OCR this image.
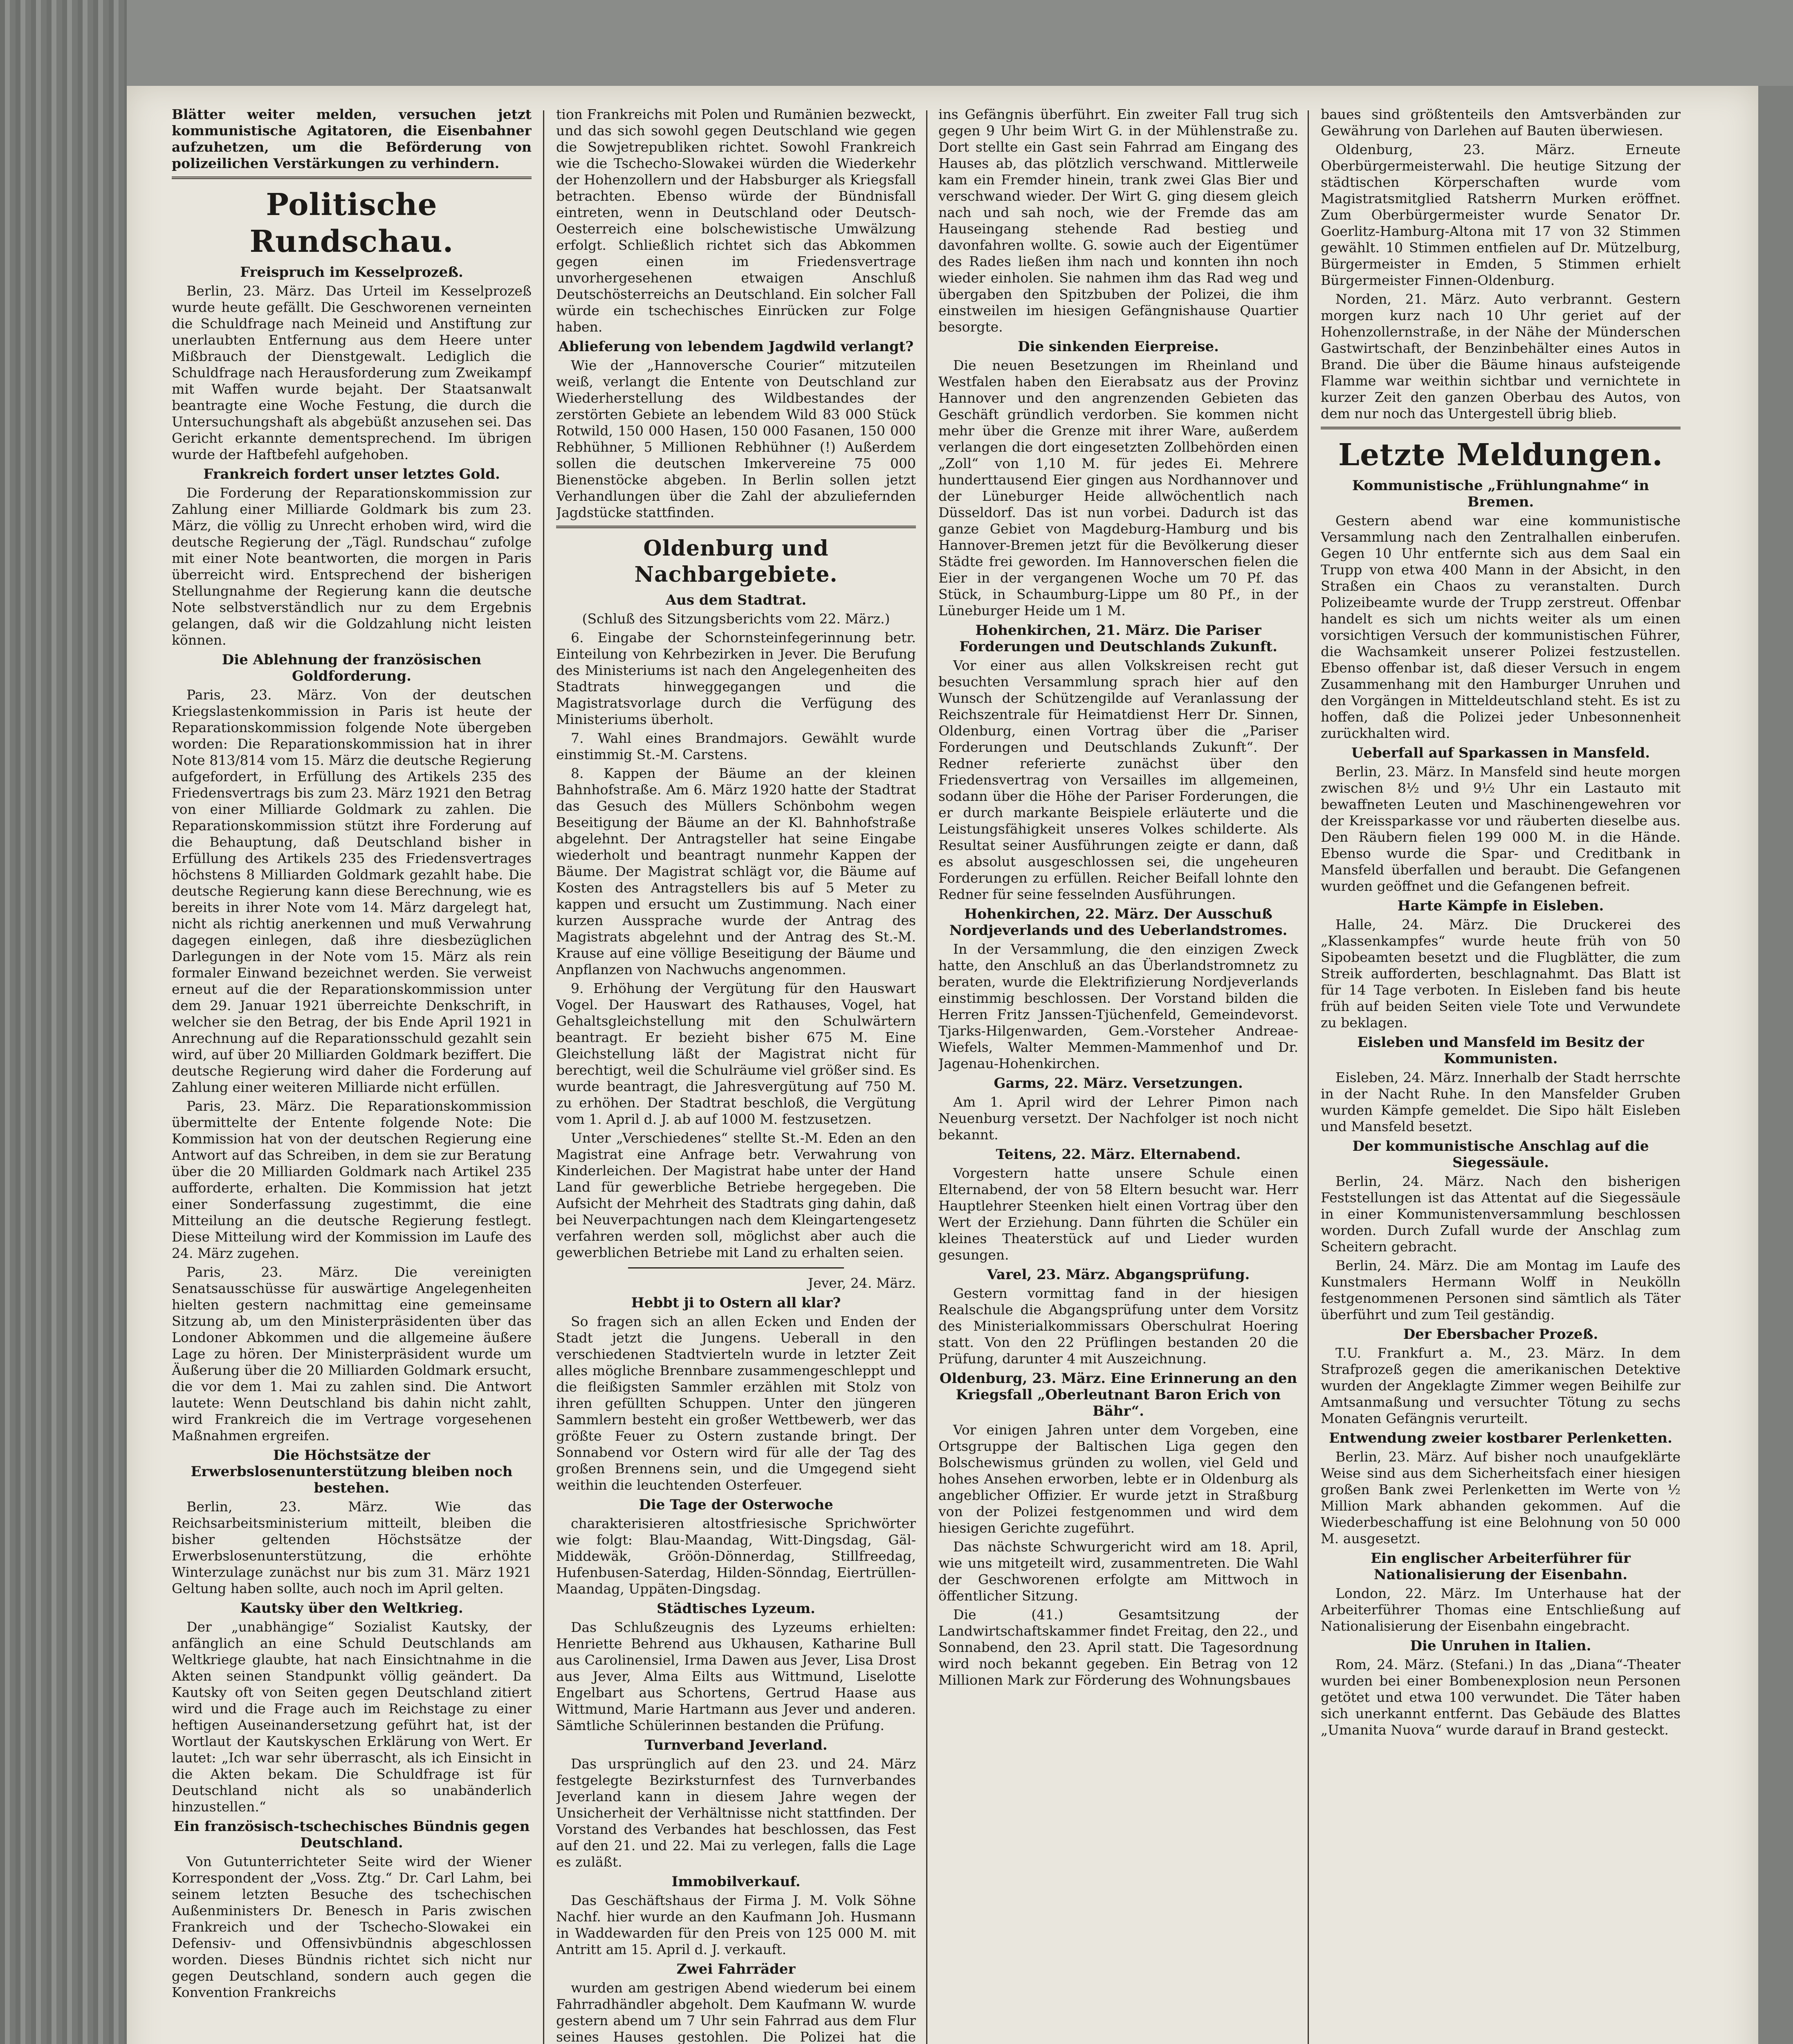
Blätter weiter melden, versuchen jetzt kommunistische Agitatoren, die Eisenbahner aufzuhetzen, um die Beförderung von polizeilichen Verstärkungen zu verhindern.

Politische Rundschau.
Freispruch im Kesselprozeß.

Berlin, 23. März. Das Urteil im Kesselprozeß wurde heute gefällt. Die Geschworenen verneinten die Schuldfrage nach Meineid und Anstiftung zur unerlaubten Entfernung aus dem Heere unter Mißbrauch der Dienstgewalt. Lediglich die Schuldfrage nach Herausforderung zum Zweikampf mit Waffen wurde bejaht. Der Staatsanwalt beantragte eine Woche Festung, die durch die Untersuchungshaft als abgebüßt anzusehen sei. Das Gericht erkannte dementsprechend. Im übrigen wurde der Haftbefehl aufgehoben.

Frankreich fordert unser letztes Gold.

Die Forderung der Reparationskommission zur Zahlung einer Milliarde Goldmark bis zum 23. März, die völlig zu Unrecht erhoben wird, wird die deutsche Regierung der „Tägl. Rundschau“ zufolge mit einer Note beantworten, die morgen in Paris überreicht wird. Entsprechend der bisherigen Stellungnahme der Regierung kann die deutsche Note selbstverständlich nur zu dem Ergebnis gelangen, daß wir die Goldzahlung nicht leisten können.

Die Ablehnung der französischen Goldforderung.

Paris, 23. März. Von der deutschen Kriegslastenkommission in Paris ist heute der Reparationskommission folgende Note übergeben worden: Die Reparationskommission hat in ihrer Note 813/814 vom 15. März die deutsche Regierung aufgefordert, in Erfüllung des Artikels 235 des Friedensvertrags bis zum 23. März 1921 den Betrag von einer Milliarde Goldmark zu zahlen. Die Reparationskommission stützt ihre Forderung auf die Behauptung, daß Deutschland bisher in Erfüllung des Artikels 235 des Friedensvertrages höchstens 8 Milliarden Goldmark gezahlt habe. Die deutsche Regierung kann diese Berechnung, wie es bereits in ihrer Note vom 14. März dargelegt hat, nicht als richtig anerkennen und muß Verwahrung dagegen einlegen, daß ihre diesbezüglichen Darlegungen in der Note vom 15. März als rein formaler Einwand bezeichnet werden. Sie verweist erneut auf die der Reparationskommission unter dem 29. Januar 1921 überreichte Denkschrift, in welcher sie den Betrag, der bis Ende April 1921 in Anrechnung auf die Reparationsschuld gezahlt sein wird, auf über 20 Milliarden Goldmark beziffert. Die deutsche Regierung wird daher die Forderung auf Zahlung einer weiteren Milliarde nicht erfüllen.

Paris, 23. März. Die Reparationskommission übermittelte der Entente folgende Note: Die Kommission hat von der deutschen Regierung eine Antwort auf das Schreiben, in dem sie zur Beratung über die 20 Milliarden Goldmark nach Artikel 235 aufforderte, erhalten. Die Kommission hat jetzt einer Sonderfassung zugestimmt, die eine Mitteilung an die deutsche Regierung festlegt. Diese Mitteilung wird der Kommission im Laufe des 24. März zugehen.

Paris, 23. März. Die vereinigten Senatsausschüsse für auswärtige Angelegenheiten hielten gestern nachmittag eine gemeinsame Sitzung ab, um den Ministerpräsidenten über das Londoner Abkommen und die allgemeine äußere Lage zu hören. Der Ministerpräsident wurde um Äußerung über die 20 Milliarden Goldmark ersucht, die vor dem 1. Mai zu zahlen sind. Die Antwort lautete: Wenn Deutschland bis dahin nicht zahlt, wird Frankreich die im Vertrage vorgesehenen Maßnahmen ergreifen.

Die Höchstsätze der Erwerbslosenunterstützung bleiben noch bestehen.

Berlin, 23. März. Wie das Reichsarbeitsministerium mitteilt, bleiben die bisher geltenden Höchstsätze der Erwerbslosenunterstützung, die erhöhte Winterzulage zunächst nur bis zum 31. März 1921 Geltung haben sollte, auch noch im April gelten.

Kautsky über den Weltkrieg.

Der „unabhängige“ Sozialist Kautsky, der anfänglich an eine Schuld Deutschlands am Weltkriege glaubte, hat nach Einsichtnahme in die Akten seinen Standpunkt völlig geändert. Da Kautsky oft von Seiten gegen Deutschland zitiert wird und die Frage auch im Reichstage zu einer heftigen Auseinandersetzung geführt hat, ist der Wortlaut der Kautskyschen Erklärung von Wert. Er lautet: „Ich war sehr überrascht, als ich Einsicht in die Akten bekam. Die Schuldfrage ist für Deutschland nicht als so unabänderlich hinzustellen.“

Ein französisch-tschechisches Bündnis gegen Deutschland.

Von Gutunterrichteter Seite wird der Wiener Korrespondent der „Voss. Ztg.“ Dr. Carl Lahm, bei seinem letzten Besuche des tschechischen Außenministers Dr. Benesch in Paris zwischen Frankreich und der Tschecho-Slowakei ein Defensiv- und Offensivbündnis abgeschlossen worden. Dieses Bündnis richtet sich nicht nur gegen Deutschland, sondern auch gegen die Konvention Frankreichs

tion Frankreichs mit Polen und Rumänien bezweckt, und das sich sowohl gegen Deutschland wie gegen die Sowjetrepubliken richtet. Sowohl Frankreich wie die Tschecho-Slowakei würden die Wiederkehr der Hohenzollern und der Habsburger als Kriegsfall betrachten. Ebenso würde der Bündnisfall eintreten, wenn in Deutschland oder Deutsch-Oesterreich eine bolschewistische Umwälzung erfolgt. Schließlich richtet sich das Abkommen gegen einen im Friedensvertrage unvorhergesehenen etwaigen Anschluß Deutschösterreichs an Deutschland. Ein solcher Fall würde ein tschechisches Einrücken zur Folge haben.

Ablieferung von lebendem Jagdwild verlangt?

Wie der „Hannoversche Courier“ mitzuteilen weiß, verlangt die Entente von Deutschland zur Wiederherstellung des Wildbestandes der zerstörten Gebiete an lebendem Wild 83 000 Stück Rotwild, 150 000 Hasen, 150 000 Fasanen, 150 000 Rebhühner, 5 Millionen Rebhühner (!) Außerdem sollen die deutschen Imkervereine 75 000 Bienenstöcke abgeben. In Berlin sollen jetzt Verhandlungen über die Zahl der abzuliefernden Jagdstücke stattfinden.

Oldenburg und Nachbargebiete.
Aus dem Stadtrat.

(Schluß des Sitzungsberichts vom 22. März.)

6. Eingabe der Schornsteinfegerinnung betr. Einteilung von Kehrbezirken in Jever. Die Berufung des Ministeriums ist nach den Angelegenheiten des Stadtrats hinweggegangen und die Magistratsvorlage durch die Verfügung des Ministeriums überholt.

7. Wahl eines Brandmajors. Gewählt wurde einstimmig St.-M. Carstens.

8. Kappen der Bäume an der kleinen Bahnhofstraße. Am 6. März 1920 hatte der Stadtrat das Gesuch des Müllers Schönbohm wegen Beseitigung der Bäume an der Kl. Bahnhofstraße abgelehnt. Der Antragsteller hat seine Eingabe wiederholt und beantragt nunmehr Kappen der Bäume. Der Magistrat schlägt vor, die Bäume auf Kosten des Antragstellers bis auf 5 Meter zu kappen und ersucht um Zustimmung. Nach einer kurzen Aussprache wurde der Antrag des Magistrats abgelehnt und der Antrag des St.-M. Krause auf eine völlige Beseitigung der Bäume und Anpflanzen von Nachwuchs angenommen.

9. Erhöhung der Vergütung für den Hauswart Vogel. Der Hauswart des Rathauses, Vogel, hat Gehaltsgleichstellung mit den Schulwärtern beantragt. Er bezieht bisher 675 M. Eine Gleichstellung läßt der Magistrat nicht für berechtigt, weil die Schulräume viel größer sind. Es wurde beantragt, die Jahresvergütung auf 750 M. zu erhöhen. Der Stadtrat beschloß, die Vergütung vom 1. April d. J. ab auf 1000 M. festzusetzen.

Unter „Verschiedenes“ stellte St.-M. Eden an den Magistrat eine Anfrage betr. Verwahrung von Kinderleichen. Der Magistrat habe unter der Hand Land für gewerbliche Betriebe hergegeben. Die Aufsicht der Mehrheit des Stadtrats ging dahin, daß bei Neuverpachtungen nach dem Kleingartengesetz verfahren werden soll, möglichst aber auch die gewerblichen Betriebe mit Land zu erhalten seien.

Jever, 24. März.

Hebbt ji to Ostern all klar?

So fragen sich an allen Ecken und Enden der Stadt jetzt die Jungens. Ueberall in den verschiedenen Stadtvierteln wurde in letzter Zeit alles mögliche Brennbare zusammengeschleppt und die fleißigsten Sammler erzählen mit Stolz von ihren gefüllten Schuppen. Unter den jüngeren Sammlern besteht ein großer Wettbewerb, wer das größte Feuer zu Ostern zustande bringt. Der Sonnabend vor Ostern wird für alle der Tag des großen Brennens sein, und die Umgegend sieht weithin die leuchtenden Osterfeuer.

Die Tage der Osterwoche

charakterisieren altostfriesische Sprichwörter wie folgt: Blau-Maandag, Witt-Dingsdag, Gäl-Middewäk, Gröön-Dönnerdag, Stillfreedag, Hufenbusen-Saterdag, Hilden-Sönndag, Eiertrüllen-Maandag, Uppäten-Dingsdag.

Städtisches Lyzeum.

Das Schlußzeugnis des Lyzeums erhielten: Henriette Behrend aus Ukhausen, Katharine Bull aus Carolinensiel, Irma Dawen aus Jever, Lisa Drost aus Jever, Alma Eilts aus Wittmund, Liselotte Engelbart aus Schortens, Gertrud Haase aus Wittmund, Marie Hartmann aus Jever und anderen. Sämtliche Schülerinnen bestanden die Prüfung.

Turnverband Jeverland.

Das ursprünglich auf den 23. und 24. März festgelegte Bezirksturnfest des Turnverbandes Jeverland kann in diesem Jahre wegen der Unsicherheit der Verhältnisse nicht stattfinden. Der Vorstand des Verbandes hat beschlossen, das Fest auf den 21. und 22. Mai zu verlegen, falls die Lage es zuläßt.

Immobilverkauf.

Das Geschäftshaus der Firma J. M. Volk Söhne Nachf. hier wurde an den Kaufmann Joh. Husmann in Waddewarden für den Preis von 125 000 M. mit Antritt am 15. April d. J. verkauft.

Zwei Fahrräder

wurden am gestrigen Abend wiederum bei einem Fahrradhändler abgeholt. Dem Kaufmann W. wurde gestern abend um 7 Uhr sein Fahrrad aus dem Flur seines Hauses gestohlen. Die Polizei hat die

ins Gefängnis überführt. Ein zweiter Fall trug sich gegen 9 Uhr beim Wirt G. in der Mühlenstraße zu. Dort stellte ein Gast sein Fahrrad am Eingang des Hauses ab, das plötzlich verschwand. Mittlerweile kam ein Fremder hinein, trank zwei Glas Bier und verschwand wieder. Der Wirt G. ging diesem gleich nach und sah noch, wie der Fremde das am Hauseingang stehende Rad bestieg und davonfahren wollte. G. sowie auch der Eigentümer des Rades ließen ihm nach und konnten ihn noch wieder einholen. Sie nahmen ihm das Rad weg und übergaben den Spitzbuben der Polizei, die ihm einstweilen im hiesigen Gefängnishause Quartier besorgte.

Die sinkenden Eierpreise.

Die neuen Besetzungen im Rheinland und Westfalen haben den Eierabsatz aus der Provinz Hannover und den angrenzenden Gebieten das Geschäft gründlich verdorben. Sie kommen nicht mehr über die Grenze mit ihrer Ware, außerdem verlangen die dort eingesetzten Zollbehörden einen „Zoll“ von 1,10 M. für jedes Ei. Mehrere hunderttausend Eier gingen aus Nordhannover und der Lüneburger Heide allwöchentlich nach Düsseldorf. Das ist nun vorbei. Dadurch ist das ganze Gebiet von Magdeburg-Hamburg und bis Hannover-Bremen jetzt für die Bevölkerung dieser Städte frei geworden. Im Hannoverschen fielen die Eier in der vergangenen Woche um 70 Pf. das Stück, in Schaumburg-Lippe um 80 Pf., in der Lüneburger Heide um 1 M.

Hohenkirchen, 21. März. Die Pariser Forderungen und Deutschlands Zukunft.

Vor einer aus allen Volkskreisen recht gut besuchten Versammlung sprach hier auf den Wunsch der Schützengilde auf Veranlassung der Reichszentrale für Heimatdienst Herr Dr. Sinnen, Oldenburg, einen Vortrag über die „Pariser Forderungen und Deutschlands Zukunft“. Der Redner referierte zunächst über den Friedensvertrag von Versailles im allgemeinen, sodann über die Höhe der Pariser Forderungen, die er durch markante Beispiele erläuterte und die Leistungsfähigkeit unseres Volkes schilderte. Als Resultat seiner Ausführungen zeigte er dann, daß es absolut ausgeschlossen sei, die ungeheuren Forderungen zu erfüllen. Reicher Beifall lohnte den Redner für seine fesselnden Ausführungen.

Hohenkirchen, 22. März. Der Ausschuß Nordjeverlands und des Ueberlandstromes.

In der Versammlung, die den einzigen Zweck hatte, den Anschluß an das Überlandstromnetz zu beraten, wurde die Elektrifizierung Nordjeverlands einstimmig beschlossen. Der Vorstand bilden die Herren Fritz Janssen-Tjüchenfeld, Gemeindevorst. Tjarks-Hilgenwarden, Gem.-Vorsteher Andreae-Wiefels, Walter Memmen-Mammenhof und Dr. Jagenau-Hohenkirchen.

Garms, 22. März. Versetzungen.

Am 1. April wird der Lehrer Pimon nach Neuenburg versetzt. Der Nachfolger ist noch nicht bekannt.

Teitens, 22. März. Elternabend.

Vorgestern hatte unsere Schule einen Elternabend, der von 58 Eltern besucht war. Herr Hauptlehrer Steenken hielt einen Vortrag über den Wert der Erziehung. Dann führten die Schüler ein kleines Theaterstück auf und Lieder wurden gesungen.

Varel, 23. März. Abgangsprüfung.

Gestern vormittag fand in der hiesigen Realschule die Abgangsprüfung unter dem Vorsitz des Ministerialkommissars Oberschulrat Hoering statt. Von den 22 Prüflingen bestanden 20 die Prüfung, darunter 4 mit Auszeichnung.

Oldenburg, 23. März. Eine Erinnerung an den Kriegsfall „Oberleutnant Baron Erich von Bähr“.

Vor einigen Jahren unter dem Vorgeben, eine Ortsgruppe der Baltischen Liga gegen den Bolschewismus gründen zu wollen, viel Geld und hohes Ansehen erworben, lebte er in Oldenburg als angeblicher Offizier. Er wurde jetzt in Straßburg von der Polizei festgenommen und wird dem hiesigen Gerichte zugeführt.

Das nächste Schwurgericht wird am 18. April, wie uns mitgeteilt wird, zusammentreten. Die Wahl der Geschworenen erfolgte am Mittwoch in öffentlicher Sitzung.

Die (41.) Gesamtsitzung der Landwirtschaftskammer findet Freitag, den 22., und Sonnabend, den 23. April statt. Die Tagesordnung wird noch bekannt gegeben. Ein Betrag von 12 Millionen Mark zur Förderung des Wohnungsbaues

baues sind größtenteils den Amtsverbänden zur Gewährung von Darlehen auf Bauten überwiesen.

Oldenburg, 23. März. Erneute Oberbürgermeisterwahl. Die heutige Sitzung der städtischen Körperschaften wurde vom Magistratsmitglied Ratsherrn Murken eröffnet. Zum Oberbürgermeister wurde Senator Dr. Goerlitz-Hamburg-Altona mit 17 von 32 Stimmen gewählt. 10 Stimmen entfielen auf Dr. Mützelburg, Bürgermeister in Emden, 5 Stimmen erhielt Bürgermeister Finnen-Oldenburg.

Norden, 21. März. Auto verbrannt. Gestern morgen kurz nach 10 Uhr geriet auf der Hohenzollernstraße, in der Nähe der Münderschen Gastwirtschaft, der Benzinbehälter eines Autos in Brand. Die über die Bäume hinaus aufsteigende Flamme war weithin sichtbar und vernichtete in kurzer Zeit den ganzen Oberbau des Autos, von dem nur noch das Untergestell übrig blieb.

Letzte Meldungen.
Kommunistische „Frühlungnahme“ in Bremen.

Gestern abend war eine kommunistische Versammlung nach den Zentralhallen einberufen. Gegen 10 Uhr entfernte sich aus dem Saal ein Trupp von etwa 400 Mann in der Absicht, in den Straßen ein Chaos zu veranstalten. Durch Polizeibeamte wurde der Trupp zerstreut. Offenbar handelt es sich um nichts weiter als um einen vorsichtigen Versuch der kommunistischen Führer, die Wachsamkeit unserer Polizei festzustellen. Ebenso offenbar ist, daß dieser Versuch in engem Zusammenhang mit den Hamburger Unruhen und den Vorgängen in Mitteldeutschland steht. Es ist zu hoffen, daß die Polizei jeder Unbesonnenheit zurückhalten wird.

Ueberfall auf Sparkassen in Mansfeld.

Berlin, 23. März. In Mansfeld sind heute morgen zwischen 8½ und 9½ Uhr ein Lastauto mit bewaffneten Leuten und Maschinengewehren vor der Kreissparkasse vor und räuberten dieselbe aus. Den Räubern fielen 199 000 M. in die Hände. Ebenso wurde die Spar- und Creditbank in Mansfeld überfallen und beraubt. Die Gefangenen wurden geöffnet und die Gefangenen befreit.

Harte Kämpfe in Eisleben.

Halle, 24. März. Die Druckerei des „Klassenkampfes“ wurde heute früh von 50 Sipobeamten besetzt und die Flugblätter, die zum Streik aufforderten, beschlagnahmt. Das Blatt ist für 14 Tage verboten. In Eisleben fand bis heute früh auf beiden Seiten viele Tote und Verwundete zu beklagen.

Eisleben und Mansfeld im Besitz der Kommunisten.

Eisleben, 24. März. Innerhalb der Stadt herrschte in der Nacht Ruhe. In den Mansfelder Gruben wurden Kämpfe gemeldet. Die Sipo hält Eisleben und Mansfeld besetzt.

Der kommunistische Anschlag auf die Siegessäule.

Berlin, 24. März. Nach den bisherigen Feststellungen ist das Attentat auf die Siegessäule in einer Kommunistenversammlung beschlossen worden. Durch Zufall wurde der Anschlag zum Scheitern gebracht.

Berlin, 24. März. Die am Montag im Laufe des Kunstmalers Hermann Wolff in Neukölln festgenommenen Personen sind sämtlich als Täter überführt und zum Teil geständig.

Der Ebersbacher Prozeß.

T.U. Frankfurt a. M., 23. März. In dem Strafprozeß gegen die amerikanischen Detektive wurden der Angeklagte Zimmer wegen Beihilfe zur Amtsanmaßung und versuchter Tötung zu sechs Monaten Gefängnis verurteilt.

Entwendung zweier kostbarer Perlenketten.

Berlin, 23. März. Auf bisher noch unaufgeklärte Weise sind aus dem Sicherheitsfach einer hiesigen großen Bank zwei Perlenketten im Werte von ½ Million Mark abhanden gekommen. Auf die Wiederbeschaffung ist eine Belohnung von 50 000 M. ausgesetzt.

Ein englischer Arbeiterführer für Nationalisierung der Eisenbahn.

London, 22. März. Im Unterhause hat der Arbeiterführer Thomas eine Entschließung auf Nationalisierung der Eisenbahn eingebracht.

Die Unruhen in Italien.

Rom, 24. März. (Stefani.) In das „Diana“-Theater wurden bei einer Bombenexplosion neun Personen getötet und etwa 100 verwundet. Die Täter haben sich unerkannt entfernt. Das Gebäude des Blattes „Umanita Nuova“ wurde darauf in Brand gesteckt.
